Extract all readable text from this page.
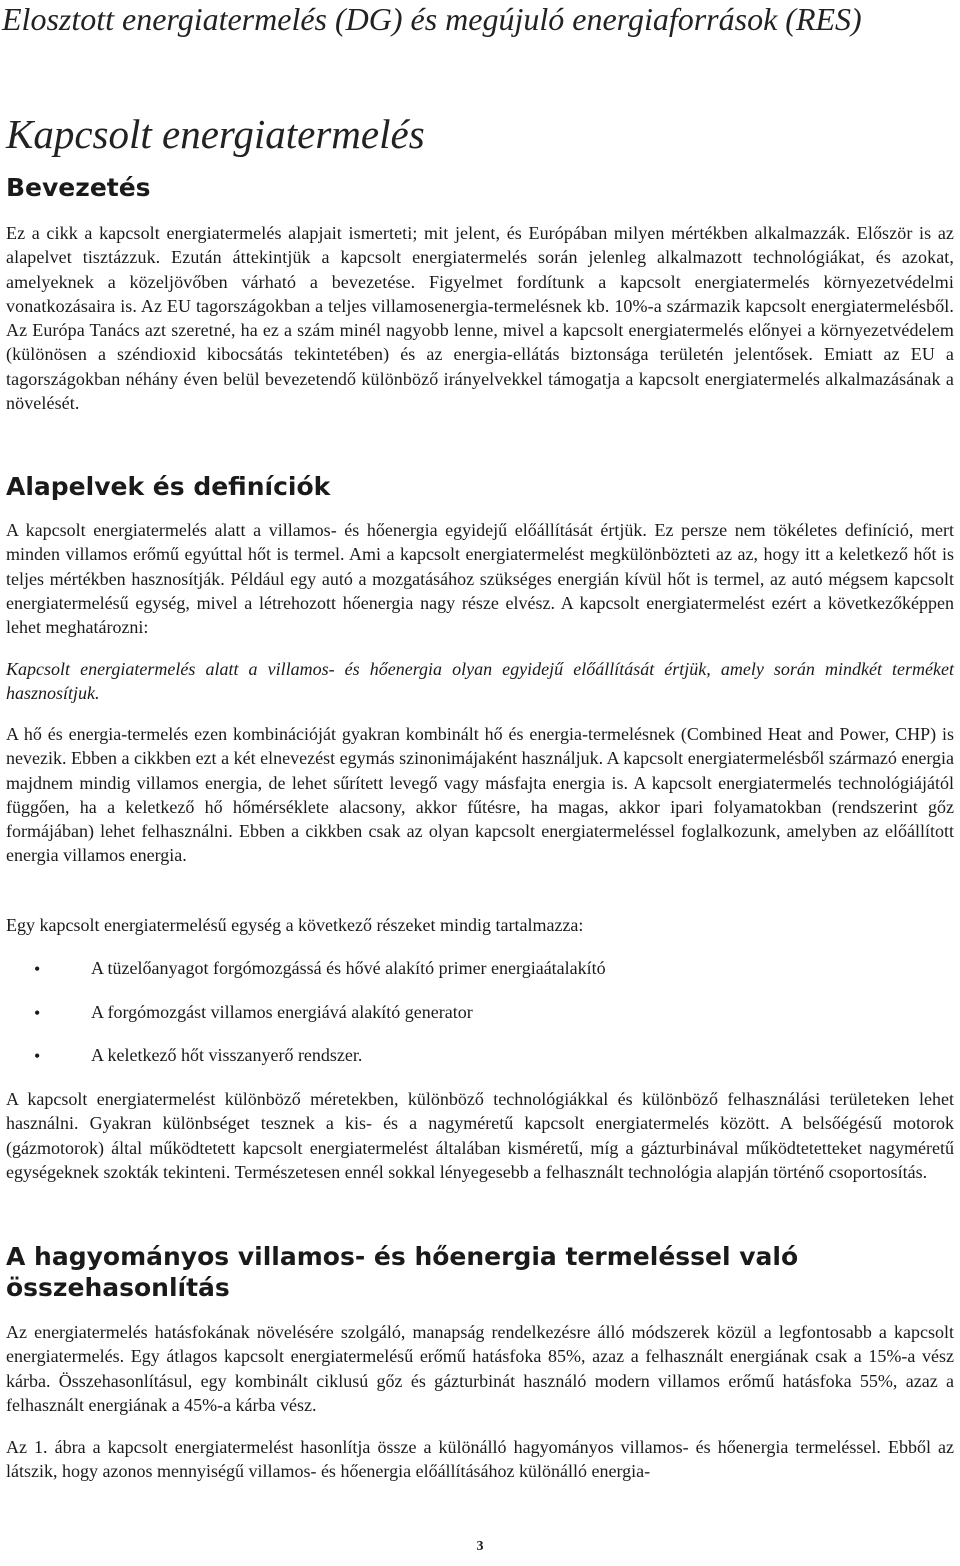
Elosztott energiatermelés (DG) és megújuló energiaforrások (RES)
Kapcsolt energiatermelés
Bevezetés
Ez a cikk a kapcsolt energiatermelés alapjait ismerteti; mit jelent, és Európában milyen mértékben alkalmazzák. Először is az alapelvet tisztázzuk. Ezután áttekintjük a kapcsolt energiatermelés során jelenleg alkalmazott technológiákat, és azokat, amelyeknek a közeljövőben várható a bevezetése. Figyelmet fordítunk a kapcsolt energiatermelés környezetvédelmi vonatkozásaira is. Az EU tagországokban a teljes villamosenergia-termelésnek kb. 10%-a származik kapcsolt energiatermelésből. Az Európa Tanács azt szeretné, ha ez a szám minél nagyobb lenne, mivel a kapcsolt energiatermelés előnyei a környezetvédelem (különösen a széndioxid kibocsátás tekintetében) és az energia-ellátás biztonsága területén jelentősek. Emiatt az EU a tagországokban néhány éven belül bevezetendő különböző irányelvekkel támogatja a kapcsolt energiatermelés alkalmazásának a növelését.
Alapelvek és definíciók
A kapcsolt energiatermelés alatt a villamos- és hőenergia egyidejű előállítását értjük. Ez persze nem tökéletes definíció, mert minden villamos erőmű egyúttal hőt is termel. Ami a kapcsolt energiatermelést megkülönbözteti az az, hogy itt a keletkező hőt is teljes mértékben hasznosítják. Például egy autó a mozgatásához szükséges energián kívül hőt is termel, az autó mégsem kapcsolt energiatermelésű egység, mivel a létrehozott hőenergia nagy része elvész. A kapcsolt energiatermelést ezért a következőképpen lehet meghatározni:
Kapcsolt energiatermelés alatt a villamos- és hőenergia olyan egyidejű előállítását értjük, amely során mindkét terméket hasznosítjuk.
A hő és energia-termelés ezen kombinációját gyakran kombinált hő és energia-termelésnek (Combined Heat and Power, CHP) is nevezik. Ebben a cikkben ezt a két elnevezést egymás szinonimájaként használjuk. A kapcsolt energiatermelésből származó energia majdnem mindig villamos energia, de lehet sűrített levegő vagy másfajta energia is. A kapcsolt energiatermelés technológiájától függően, ha a keletkező hő hőmérséklete alacsony, akkor fűtésre, ha magas, akkor ipari folyamatokban (rendszerint gőz formájában) lehet felhasználni. Ebben a cikkben csak az olyan kapcsolt energiatermeléssel foglalkozunk, amelyben az előállított energia villamos energia.
Egy kapcsolt energiatermelésű egység a következő részeket mindig tartalmazza:
•	A tüzelőanyagot forgómozgássá és hővé alakító primer energiaátalakító
•	A forgómozgást villamos energiává alakító generator
•	A keletkező hőt visszanyerő rendszer.
A kapcsolt energiatermelést különböző méretekben, különböző technológiákkal és különböző felhasználási területeken lehet használni. Gyakran különbséget tesznek a kis- és a nagyméretű kapcsolt energiatermelés között. A belsőégésű motorok (gázmotorok) által működtetett kapcsolt energiatermelést általában kisméretű, míg a gázturbinával működtetetteket nagyméretű egységeknek szokták tekinteni. Természetesen ennél sokkal lényegesebb a felhasznált technológia alapján történő csoportosítás.
A hagyományos villamos- és hőenergia termeléssel való összehasonlítás
Az energiatermelés hatásfokának növelésére szolgáló, manapság rendelkezésre álló módszerek közül a legfontosabb a kapcsolt energiatermelés. Egy átlagos kapcsolt energiatermelésű erőmű hatásfoka 85%, azaz a felhasznált energiának csak a 15%-a vész kárba. Összehasonlításul, egy kombinált ciklusú gőz és gázturbinát használó modern villamos erőmű hatásfoka 55%, azaz a felhasznált energiának a 45%-a kárba vész.
Az 1. ábra a kapcsolt energiatermelést hasonlítja össze a különálló hagyományos villamos- és hőenergia termeléssel. Ebből az látszik, hogy azonos mennyiségű villamos- és hőenergia előállításához különálló energia-
3
